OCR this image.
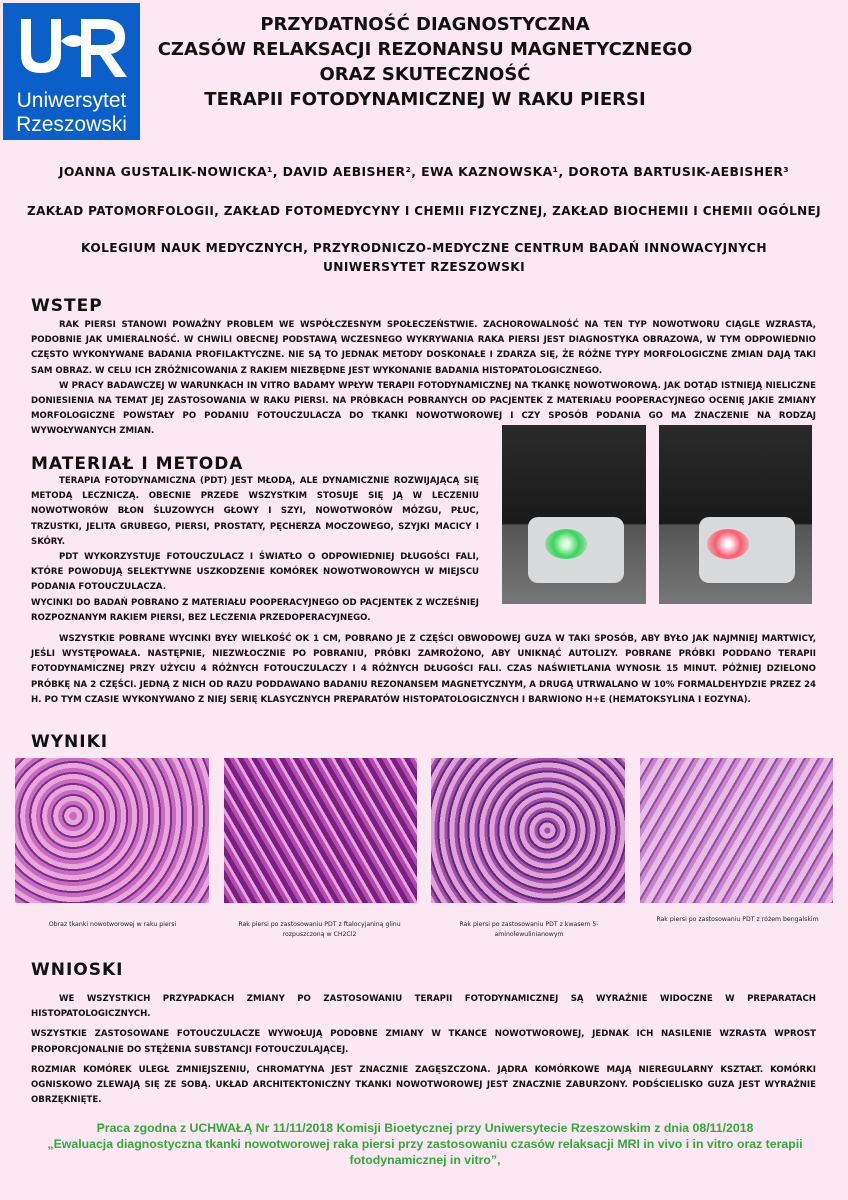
Uniwersytet
Rzeszowski
PRZYDATNOŚĆ DIAGNOSTYCZNA
CZASÓW RELAKSACJI REZONANSU MAGNETYCZNEGO
ORAZ SKUTECZNOŚĆ
TERAPII FOTODYNAMICZNEJ W RAKU PIERSI
JOANNA GUSTALIK-NOWICKA¹, DAVID AEBISHER², EWA KAZNOWSKA¹, DOROTA BARTUSIK-AEBISHER³
ZAKŁAD PATOMORFOLOGII, ZAKŁAD FOTOMEDYCYNY I CHEMII FIZYCZNEJ, ZAKŁAD BIOCHEMII I CHEMII OGÓLNEJ
KOLEGIUM NAUK MEDYCZNYCH, PRZYRODNICZO-MEDYCZNE CENTRUM BADAŃ INNOWACYJNYCH
UNIWERSYTET RZESZOWSKI
WSTEP

RAK PIERSI STANOWI POWAŻNY PROBLEM WE WSPÓŁCZESNYM SPOŁECZEŃSTWIE. ZACHOROWALNOŚĆ NA TEN TYP NOWOTWORU CIĄGLE WZRASTA, PODOBNIE JAK UMIERALNOŚĆ. W CHWILI OBECNEJ PODSTAWĄ WCZESNEGO WYKRYWANIA RAKA PIERSI JEST DIAGNOSTYKA OBRAZOWA, W TYM ODPOWIEDNIO CZĘSTO WYKONYWANE BADANIA PROFILAKTYCZNE. NIE SĄ TO JEDNAK METODY DOSKONAŁE I ZDARZA SIĘ, ŻE RÓŻNE TYPY MORFOLOGICZNE ZMIAN DAJĄ TAKI SAM OBRAZ. W CELU ICH ZRÓŻNICOWANIA Z RAKIEM NIEZBĘDNE JEST WYKONANIE BADANIA HISTOPATOLOGICZNEGO.

W PRACY BADAWCZEJ W WARUNKACH IN VITRO BADAMY WPŁYW TERAPII FOTODYNAMICZNEJ NA TKANKĘ NOWOTWOROWĄ. JAK DOTĄD ISTNIEJĄ NIELICZNE DONIESIENIA NA TEMAT JEJ ZASTOSOWANIA W RAKU PIERSI. NA PRÓBKACH POBRANYCH OD PACJENTEK Z MATERIAŁU POOPERACYJNEGO OCENIĘ JAKIE ZMIANY MORFOLOGICZNE POWSTAŁY PO PODANIU FOTOUCZULACZA DO TKANKI NOWOTWOROWEJ I CZY SPOSÓB PODANIA GO MA ZNACZENIE NA RODZAJ WYWOŁYWANYCH ZMIAN.

MATERIAŁ I METODA

TERAPIA FOTODYNAMICZNA (PDT) JEST MŁODĄ, ALE DYNAMICZNIE ROZWIJAJĄCĄ SIĘ METODĄ LECZNICZĄ. OBECNIE PRZEDE WSZYSTKIM STOSUJE SIĘ JĄ W LECZENIU NOWOTWORÓW BŁON ŚLUZOWYCH GŁOWY I SZYI, NOWOTWORÓW MÓZGU, PŁUC, TRZUSTKI, JELITA GRUBEGO, PIERSI, PROSTATY, PĘCHERZA MOCZOWEGO, SZYJKI MACICY I SKÓRY.

PDT WYKORZYSTUJE FOTOUCZULACZ I ŚWIATŁO O ODPOWIEDNIEJ DŁUGOŚCI FALI, KTÓRE POWODUJĄ SELEKTYWNE USZKODZENIE KOMÓREK NOWOTWOROWYCH W MIEJSCU PODANIA FOTOUCZULACZA.

WYCINKI DO BADAŃ POBRANO Z MATERIAŁU POOPERACYJNEGO OD PACJENTEK Z WCZEŚNIEJ ROZPOZNANYM RAKIEM PIERSI, BEZ LECZENIA PRZEDOPERACYJNEGO.

WSZYSTKIE POBRANE WYCINKI BYŁY WIELKOŚĆ OK 1 CM, POBRANO JE Z CZĘŚCI OBWODOWEJ GUZA W TAKI SPOSÓB, ABY BYŁO JAK NAJMNIEJ MARTWICY, JEŚLI WYSTĘPOWAŁA. NASTĘPNIE, NIEZWŁOCZNIE PO POBRANIU, PRÓBKI ZAMROŻONO, ABY UNIKNĄĆ AUTOLIZY. POBRANE PRÓBKI PODDANO TERAPII FOTODYNAMICZNEJ PRZY UŻYCIU 4 RÓŻNYCH FOTOUCZULACZY I 4 RÓŻNYCH DŁUGOŚCI FALI. CZAS NAŚWIETLANIA WYNOSIŁ 15 MINUT. PÓŹNIEJ DZIELONO PRÓBKĘ NA 2 CZĘŚCI. JEDNĄ Z NICH OD RAZU PODDAWANO BADANIU REZONANSEM MAGNETYCZNYM, A DRUGĄ UTRWALANO W 10% FORMALDEHYDZIE PRZEZ 24 H. PO TYM CZASIE WYKONYWANO Z NIEJ SERIĘ KLASYCZNYCH PREPARATÓW HISTOPATOLOGICZNYCH I BARWIONO H+E (HEMATOKSYLINA I EOZYNA).

WYNIKI
Obraz tkanki nowotworowej w raku piersi	Rak piersi po zastosowaniu PDT z ftalocyjaniną glinu rozpuszczoną w CH2Cl2
Rak piersi po zastosowaniu PDT z kwasem 5-aminolewulinianowym
Rak piersi po zastosowaniu PDT z różem bengalskim
WNIOSKI

WE WSZYSTKICH PRZYPADKACH ZMIANY PO ZASTOSOWANIU TERAPII FOTODYNAMICZNEJ SĄ WYRAŹNIE WIDOCZNE W PREPARATACH HISTOPATOLOGICZNYCH.

WSZYSTKIE ZASTOSOWANE FOTOUCZULACZE WYWOŁUJĄ PODOBNE ZMIANY W TKANCE NOWOTWOROWEJ, JEDNAK ICH NASILENIE WZRASTA WPROST PROPORCJONALNIE DO STĘŻENIA SUBSTANCJI FOTOUCZULAJĄCEJ.

ROZMIAR KOMÓREK ULEGŁ ZMNIEJSZENIU, CHROMATYNA JEST ZNACZNIE ZAGĘSZCZONA. JĄDRA KOMÓRKOWE MAJĄ NIEREGULARNY KSZTAŁT. KOMÓRKI OGNISKOWO ZLEWAJĄ SIĘ ZE SOBĄ. UKŁAD ARCHITEKTONICZNY TKANKI NOWOTWOROWEJ JEST ZNACZNIE ZABURZONY. PODŚCIELISKO GUZA JEST WYRAŹNIE OBRZĘKNIĘTE.

Praca zgodna z UCHWAŁĄ Nr 11/11/2018 Komisji Bioetycznej przy Uniwersytecie Rzeszowskim z dnia 08/11/2018
„Ewaluacja diagnostyczna tkanki nowotworowej raka piersi przy zastosowaniu czasów relaksacji MRI in vivo i in vitro oraz terapii fotodynamicznej in vitro”,
